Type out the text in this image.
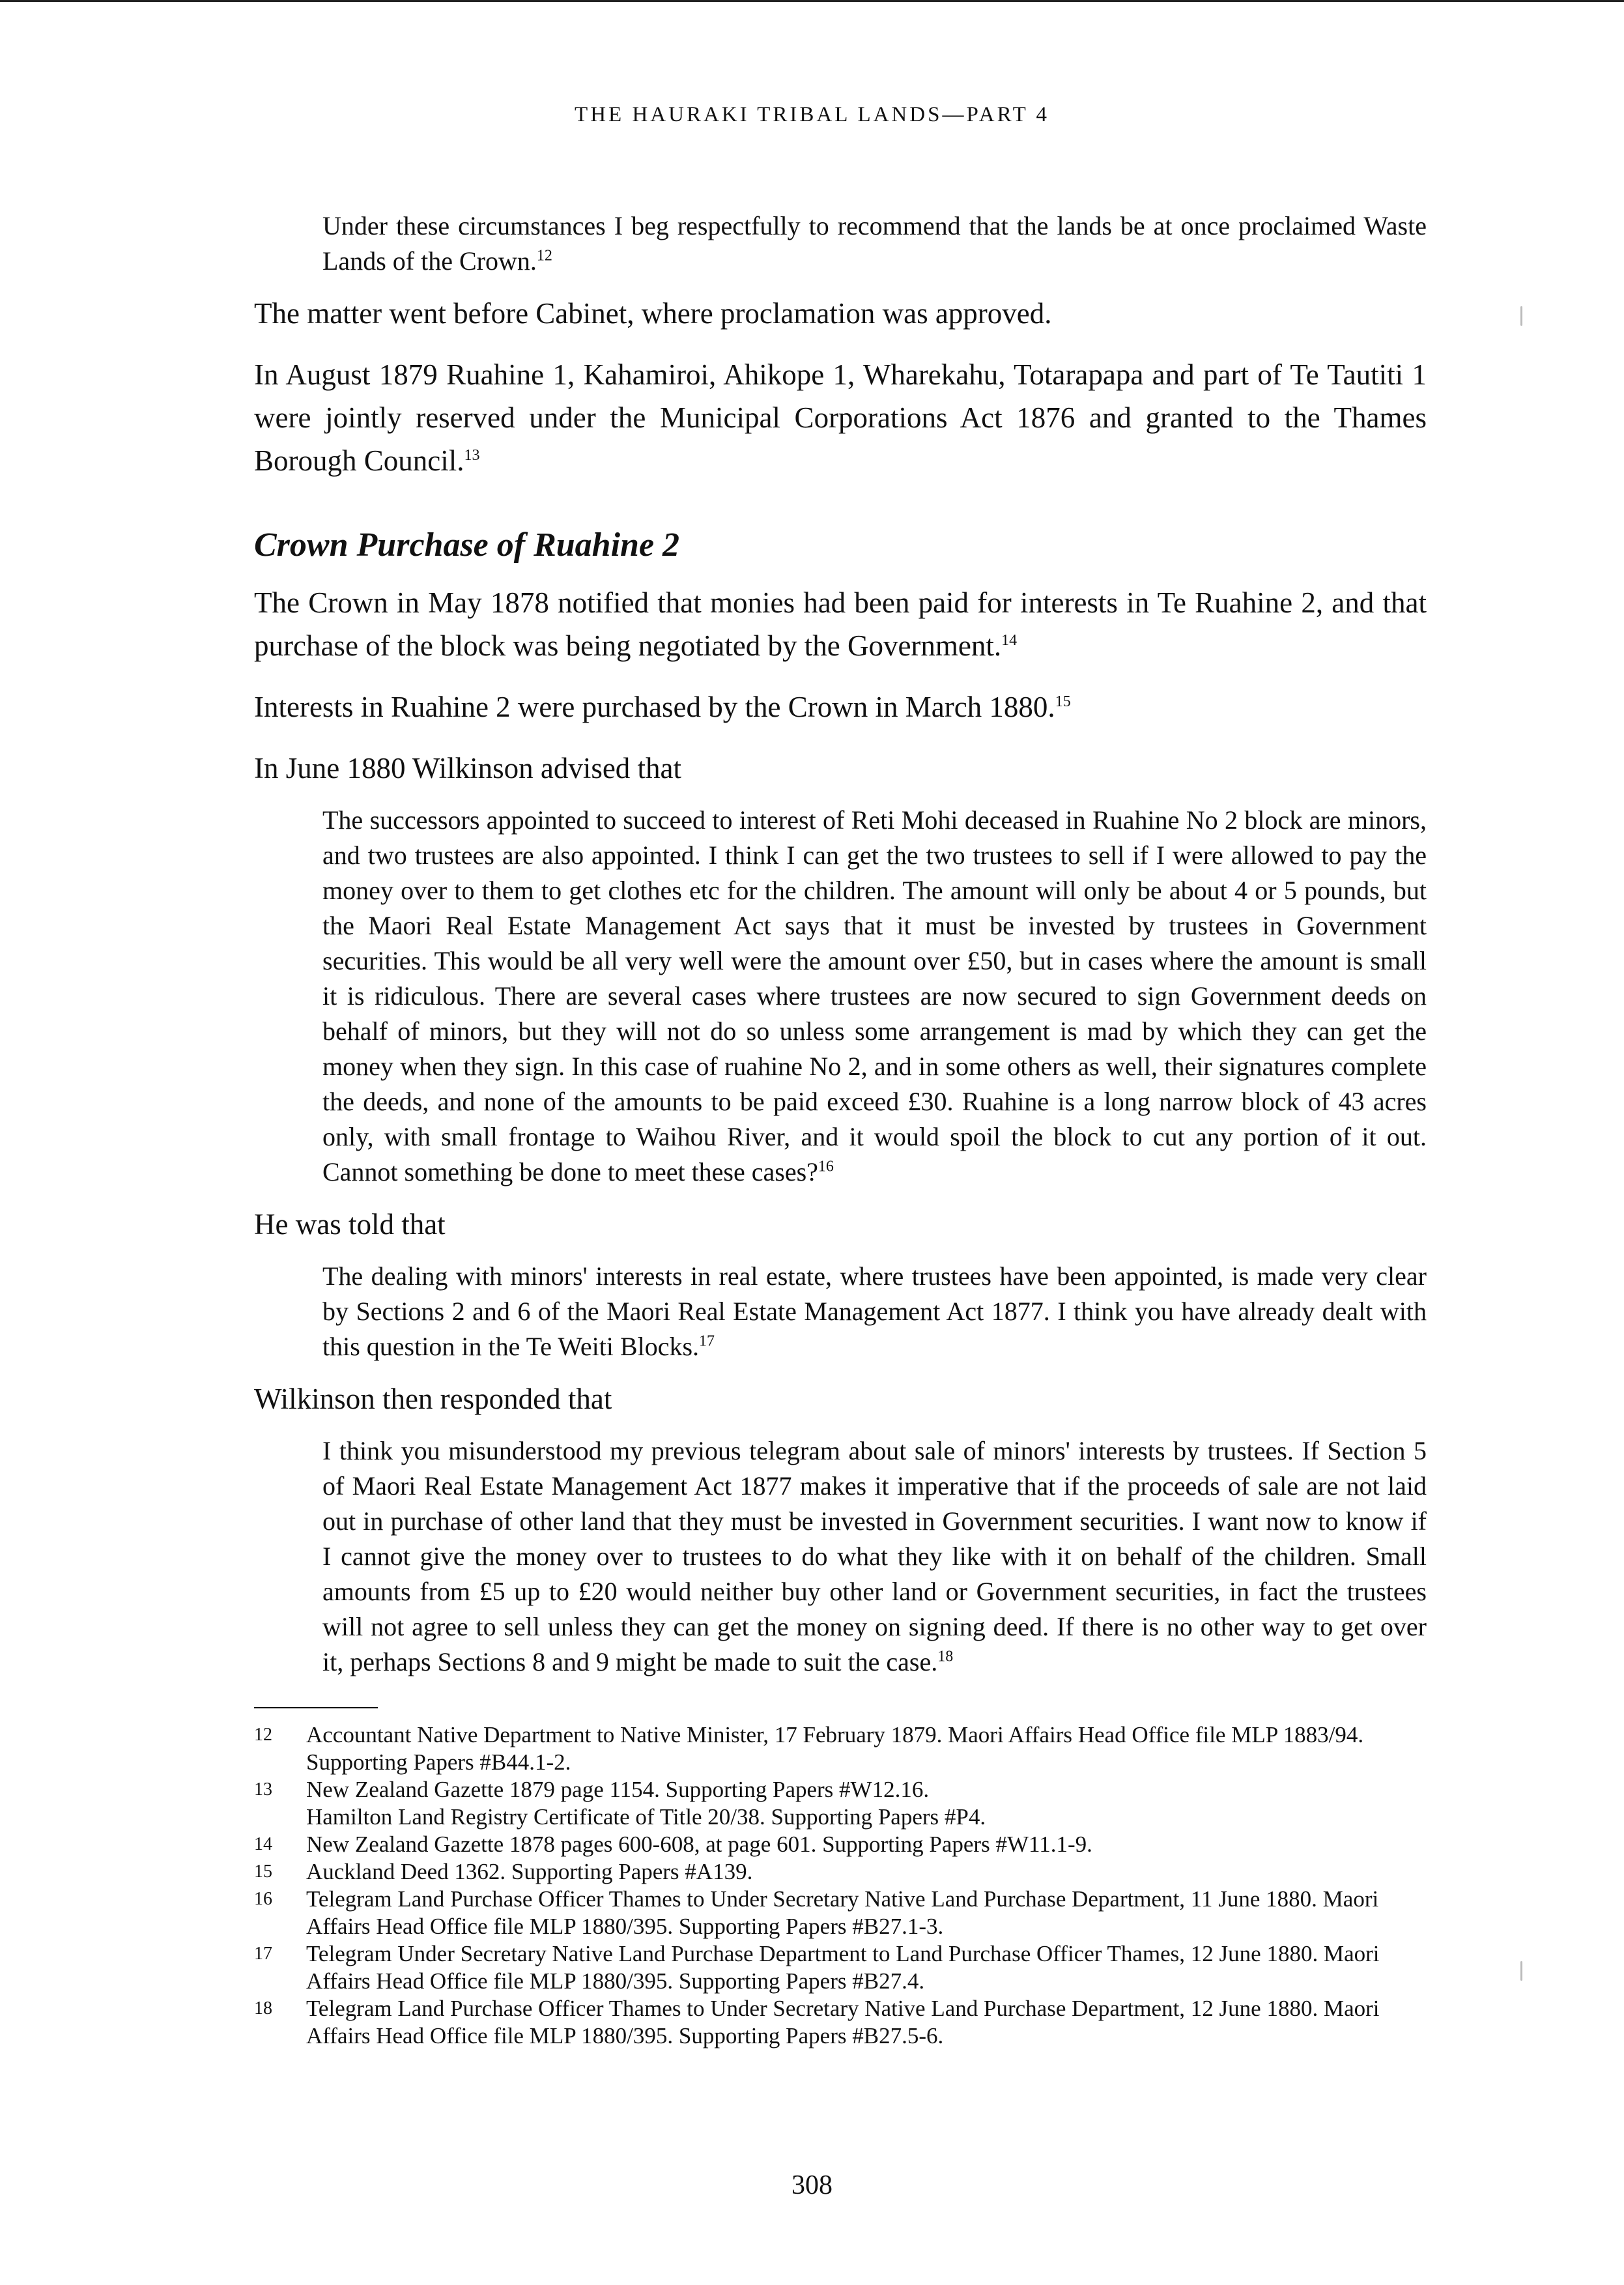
THE HAURAKI TRIBAL LANDS—PART 4

Under these circumstances I beg respectfully to recommend that the lands be at once proclaimed Waste Lands of the Crown.$^{12}$

The matter went before Cabinet, where proclamation was approved.

In August 1879 Ruahine 1, Kahamiroi, Ahikope 1, Wharekahu, Totarapapa and part of Te Tautiti 1 were jointly reserved under the Municipal Corporations Act 1876 and granted to the Thames Borough Council.$^{13}$

Crown Purchase of Ruahine 2

The Crown in May 1878 notified that monies had been paid for interests in Te Ruahine 2, and that purchase of the block was being negotiated by the Government.$^{14}$

Interests in Ruahine 2 were purchased by the Crown in March 1880.15

In June 1880 Wilkinson advised that

The successors appointed to succeed to interest of Reti Mohi deceased in Ruahine No 2 block are minors, and two trustees are also appointed. I think I can get the two trustees to sell if I were allowed to pay the money over to them to get clothes etc for the children. The amount will only be about 4 or 5 pounds, but the Maori Real Estate Management Act says that it must be invested by trustees in Government securities. This would be all very well were the amount over £50, but in cases where the amount is small it is ridiculous. There are several cases where trustees are now secured to sign Government deeds on behalf of minors, but they will not do so unless some arrangement is mad by which they can get the money when they sign. In this case of ruahine No 2, and in some others as well, their signatures complete the deeds, and none of the amounts to be paid exceed £30. Ruahine is a long narrow block of 43 acres only, with small frontage to Waihou River, and it would spoil the block to cut any portion of it out. Cannot something be done to meet these cases?$^{16}$

He was told that

The dealing with minors' interests in real estate, where trustees have been appointed, is made very clear by Sections 2 and 6 of the Maori Real Estate Management Act 1877. I think you have already dealt with this question in the Te Weiti Blocks.$^{17}$

Wilkinson then responded that

I think you misunderstood my previous telegram about sale of minors' interests by trustees. If Section 5 of Maori Real Estate Management Act 1877 makes it imperative that if the proceeds of sale are not laid out in purchase of other land that they must be invested in Government securities. I want now to know if I cannot give the money over to trustees to do what they like with it on behalf of the children. Small amounts from £5 up to £20 would neither buy other land or Government securities, in fact the trustees will not agree to sell unless they can get the money on signing deed. If there is no other way to get over it, perhaps Sections 8 and 9 might be made to suit the case.$^{18}$

12	Accountant Native Department to Native Minister, 17 February 1879. Maori Affairs Head Office file MLP 1883/94. Supporting Papers #B44.1-2.
13	New Zealand Gazette 1879 page 1154. Supporting Papers #W12.16.
Hamilton Land Registry Certificate of Title 20/38. Supporting Papers #P4.
14	New Zealand Gazette 1878 pages 600-608, at page 601. Supporting Papers #W11.1-9.
15	Auckland Deed 1362. Supporting Papers #A139.
16	Telegram Land Purchase Officer Thames to Under Secretary Native Land Purchase Department, 11 June 1880. Maori Affairs Head Office file MLP 1880/395. Supporting Papers #B27.1-3.
17	Telegram Under Secretary Native Land Purchase Department to Land Purchase Officer Thames, 12 June 1880. Maori Affairs Head Office file MLP 1880/395. Supporting Papers #B27.4.
18	Telegram Land Purchase Officer Thames to Under Secretary Native Land Purchase Department, 12 June 1880. Maori Affairs Head Office file MLP 1880/395. Supporting Papers #B27.5-6.
308
